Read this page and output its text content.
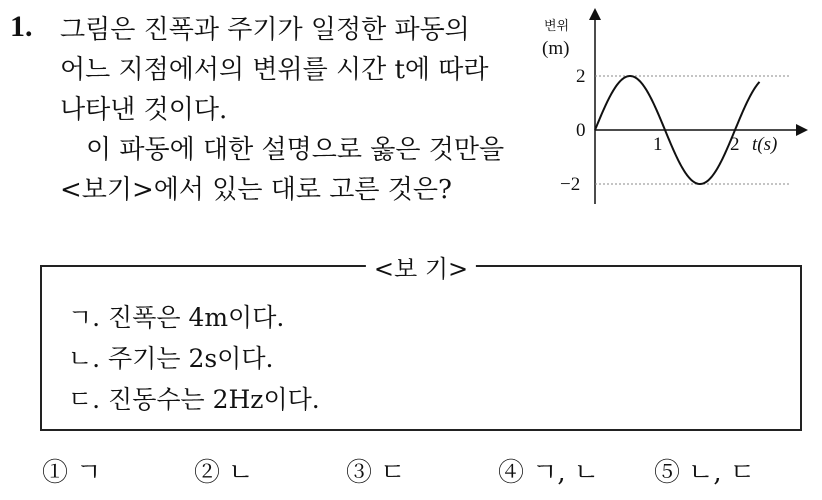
1. 그림은 진폭과 주기가 일정한 파동의

어느 지점에서의 변위를 시간 t에 따라

나타낸 것이다.

이 파동에 대한 설명으로 옳은 것만을

<보기>에서 있는 대로 고른 것은?

변위
(m)
2
0
−2
1	2 t(s)
<보 기>
ㄱ. 진폭은 4m이다.
ㄴ. 주기는 2s이다.
ㄷ. 진동수는 2Hz이다.
① ㄱ	② ㄴ	③ ㄷ	④ ㄱ, ㄴ ⑤ ㄴ, ㄷ
